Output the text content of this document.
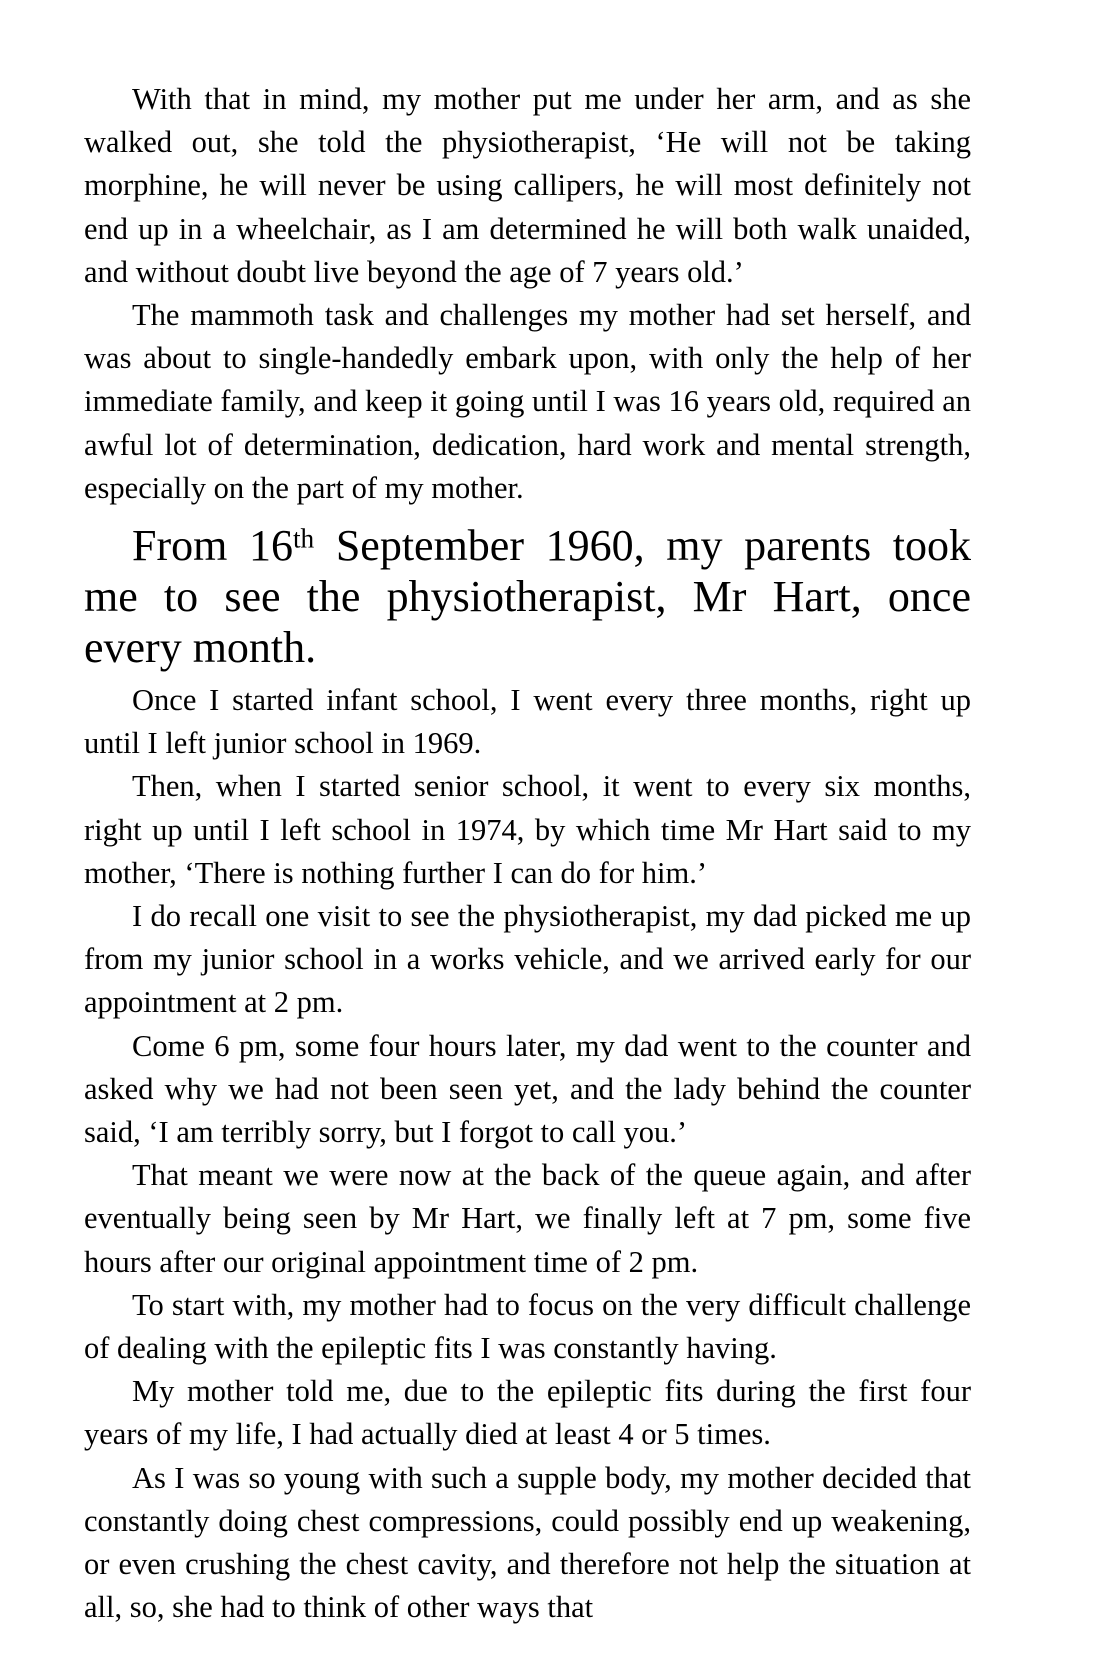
With that in mind, my mother put me under her arm, and as she walked out, she told the physiotherapist, ‘He will not be taking morphine, he will never be using callipers, he will most definitely not end up in a wheelchair, as I am determined he will both walk unaided, and without doubt live beyond the age of 7 years old.’

The mammoth task and challenges my mother had set herself, and was about to single-handedly embark upon, with only the help of her immediate family, and keep it going until I was 16 years old, required an awful lot of determination, dedication, hard work and mental strength, especially on the part of my mother.

From 16th September 1960, my parents took me to see the physiotherapist, Mr Hart, once every month.

Once I started infant school, I went every three months, right up until I left junior school in 1969.

Then, when I started senior school, it went to every six months, right up until I left school in 1974, by which time Mr Hart said to my mother, ‘There is nothing further I can do for him.’

I do recall one visit to see the physiotherapist, my dad picked me up from my junior school in a works vehicle, and we arrived early for our appointment at 2 pm.

Come 6 pm, some four hours later, my dad went to the counter and asked why we had not been seen yet, and the lady behind the counter said, ‘I am terribly sorry, but I forgot to call you.’

That meant we were now at the back of the queue again, and after eventually being seen by Mr Hart, we finally left at 7 pm, some five hours after our original appointment time of 2 pm.

To start with, my mother had to focus on the very difficult challenge of dealing with the epileptic fits I was constantly having.

My mother told me, due to the epileptic fits during the first four years of my life, I had actually died at least 4 or 5 times.

As I was so young with such a supple body, my mother decided that constantly doing chest compressions, could possibly end up weakening, or even crushing the chest cavity, and therefore not help the situation at all, so, she had to think of other ways that
